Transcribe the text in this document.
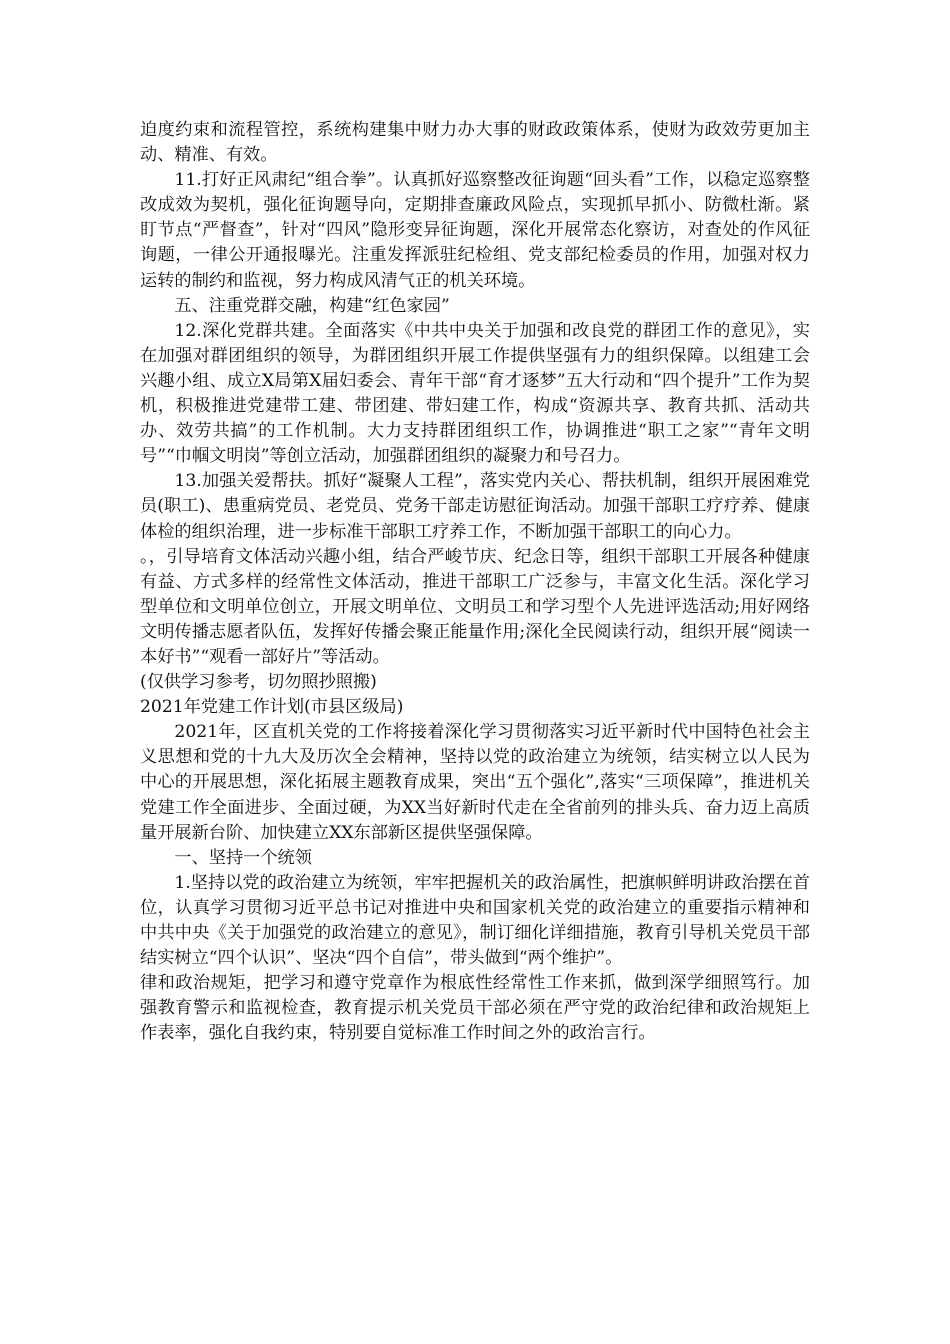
迫度约束和流程管控，系统构建集中财力办大事的财政政策体系，使财为政效劳更加主动、精准、有效。

11.打好正风肃纪“组合拳”。认真抓好巡察整改征询题“回头看”工作，以稳定巡察整改成效为契机，强化征询题导向，定期排查廉政风险点，实现抓早抓小、防微杜渐。紧盯节点“严督查”，针对“四风”隐形变异征询题，深化开展常态化察访，对查处的作风征询题，一律公开通报曝光。注重发挥派驻纪检组、党支部纪检委员的作用，加强对权力运转的制约和监视，努力构成风清气正的机关环境。

五、注重党群交融，构建“红色家园”

12.深化党群共建。全面落实《中共中央关于加强和改良党的群团工作的意见》，实在加强对群团组织的领导，为群团组织开展工作提供坚强有力的组织保障。以组建工会兴趣小组、成立X局第X届妇委会、青年干部“育才逐梦”五大行动和“四个提升”工作为契机，积极推进党建带工建、带团建、带妇建工作，构成“资源共享、教育共抓、活动共办、效劳共搞”的工作机制。大力支持群团组织工作，协调推进“职工之家”“青年文明号”“巾帼文明岗”等创立活动，加强群团组织的凝聚力和号召力。

13.加强关爱帮扶。抓好“凝聚人工程”，落实党内关心、帮扶机制，组织开展困难党员(职工)、患重病党员、老党员、党务干部走访慰征询活动。加强干部职工疗疗养、健康体检的组织治理，进一步标准干部职工疗养工作，不断加强干部职工的向心力。

。，引导培育文体活动兴趣小组，结合严峻节庆、纪念日等，组织干部职工开展各种健康有益、方式多样的经常性文体活动，推进干部职工广泛参与，丰富文化生活。深化学习型单位和文明单位创立，开展文明单位、文明员工和学习型个人先进评选活动;用好网络文明传播志愿者队伍，发挥好传播会聚正能量作用;深化全民阅读行动，组织开展“阅读一本好书”“观看一部好片”等活动。

(仅供学习参考，切勿照抄照搬)

2021年党建工作计划(市县区级局)

2021年，区直机关党的工作将接着深化学习贯彻落实习近平新时代中国特色社会主义思想和党的十九大及历次全会精神，坚持以党的政治建立为统领，结实树立以人民为中心的开展思想，深化拓展主题教育成果，突出“五个强化”,落实“三项保障”，推进机关党建工作全面进步、全面过硬，为XX当好新时代走在全省前列的排头兵、奋力迈上高质量开展新台阶、加快建立XX东部新区提供坚强保障。

一、坚持一个统领

1.坚持以党的政治建立为统领，牢牢把握机关的政治属性，把旗帜鲜明讲政治摆在首位，认真学习贯彻习近平总书记对推进中央和国家机关党的政治建立的重要指示精神和中共中央《关于加强党的政治建立的意见》，制订细化详细措施，教育引导机关党员干部结实树立“四个认识”、坚决“四个自信”，带头做到“两个维护”。

律和政治规矩，把学习和遵守党章作为根底性经常性工作来抓，做到深学细照笃行。加强教育警示和监视检查，教育提示机关党员干部必须在严守党的政治纪律和政治规矩上作表率，强化自我约束，特别要自觉标准工作时间之外的政治言行。
